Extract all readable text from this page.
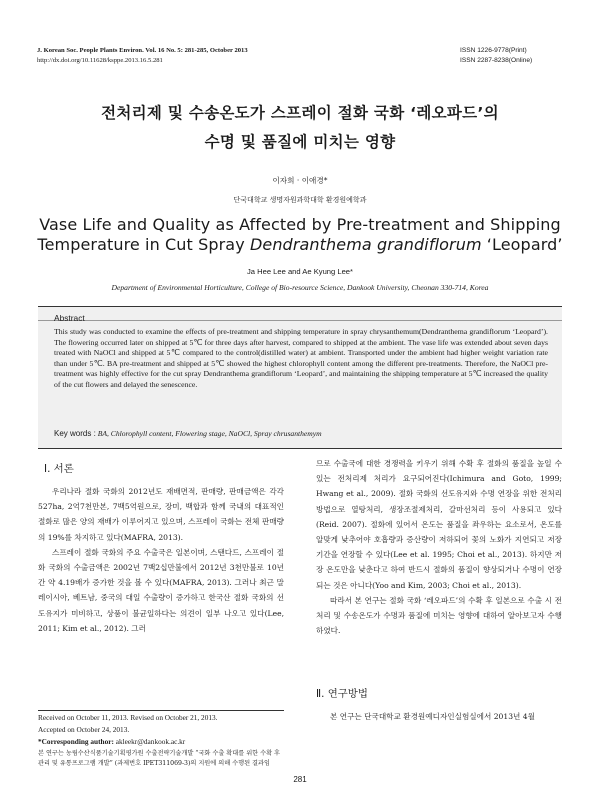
J. Korean Soc. People Plants Environ. Vol. 16 No. 5: 281-285, October 2013
http://dx.doi.org/10.11628/ksppe.2013.16.5.281
ISSN 1226-9778(Print)
ISSN 2287-8238(Online)
전처리제 및 수송온도가 스프레이 절화 국화 ‘레오파드’의
수명 및 품질에 미치는 영향
이자희 · 이애경*
단국대학교 생명자원과학대학 환경원예학과
Vase Life and Quality as Affected by Pre-treatment and Shipping
Temperature in Cut Spray Dendranthema grandiflorum ‘Leopard’
Ja Hee Lee and Ae Kyung Lee*
Department of Environmental Horticulture, College of Bio-resource Science, Dankook University, Cheonan 330-714, Korea
Abstract
This study was conducted to examine the effects of pre-treatment and shipping temperature in spray chrysanthemum(Dendranthema grandiflorum ‘Leopard’). The flowering occurred later on shipped at 5℃ for three days after harvest, compared to shipped at the ambient. The vase life was extended about seven days treated with NaOCl and shipped at 5℃ compared to the control(distilled water) at ambient. Transported under the ambient had higher weight variation rate than under 5℃. BA pre-treatment and shipped at 5℃ showed the highest chlorophyll content among the different pre-treatments. Therefore, the NaOCl pre-treatment was highly effective for the cut spray Dendranthema grandiflorum ‘Leopard’, and maintaining the shipping temperature at 5℃ increased the quality of the cut flowers and delayed the senescence.
Key words : BA, Chlorophyll content, Flowering stage, NaOCl, Spray chrusanthemym
Ⅰ. 서론

우리나라 절화 국화의 2012년도 재배면적, 판매량, 판매금액은 각각 527ha, 2억7천만본, 7백5억원으로, 장미, 백합과 함께 국내의 대표적인 절화로 많은 양의 재배가 이루어지고 있으며, 스프레이 국화는 전체 판매량의 19%를 차지하고 있다(MAFRA, 2013).

스프레이 절화 국화의 주요 수출국은 일본이며, 스탠다드, 스프레이 절화 국화의 수출금액은 2002년 7백2십만불에서 2012년 3천만불로 10년간 약 4.19배가 증가한 것을 볼 수 있다(MAFRA, 2013). 그러나 최근 말레이시아, 베트남, 중국의 대일 수출량이 증가하고 한국산 절화 국화의 선도유지가 미비하고, 상품이 불균일하다는 의견이 일부 나오고 있다(Lee, 2011; Kim et al., 2012). 그러

Received on October 11, 2013. Revised on October 21, 2013.
Accepted on October 24, 2013.
*Corresponding author: akleekr@dankook.ac.kr
본 연구는 농림수산식품기술기획평가원 수출전략기술개발 “국화 수출 확대를 위한 수확 후 관리 및 유통프로그램 개발” (과제번호 IPET311069-3)의 지원에 의해 수행된 결과임

므로 수출국에 대한 경쟁력을 키우기 위해 수확 후 절화의 품질을 높일 수 있는 전처리제 처리가 요구되어진다(Ichimura and Goto, 1999; Hwang et al., 2009). 절화 국화의 선도유지와 수명 연장을 위한 전처리 방법으로 열탕처리, 생장조절제처리, 갈마선처리 등이 사용되고 있다(Reid. 2007). 절화에 있어서 온도는 품질을 좌우하는 요소로서, 온도를 알맞게 낮추어야 호흡량과 증산량이 저하되어 꽃의 노화가 지연되고 저장기간을 연장할 수 있다(Lee et al. 1995; Choi et al., 2013). 하지만 저장 온도만을 낮춘다고 하여 반드시 절화의 품질이 향상되거나 수명이 연장되는 것은 아니다(Yoo and Kim, 2003; Choi et al., 2013).

따라서 본 연구는 절화 국화 ‘레오파드’의 수확 후 일본으로 수출 시 전처리 및 수송온도가 수명과 품질에 미치는 영향에 대하여 알아보고자 수행하였다.

Ⅱ. 연구방법

본 연구는 단국대학교 환경원예디자인실험실에서 2013년 4월

281
